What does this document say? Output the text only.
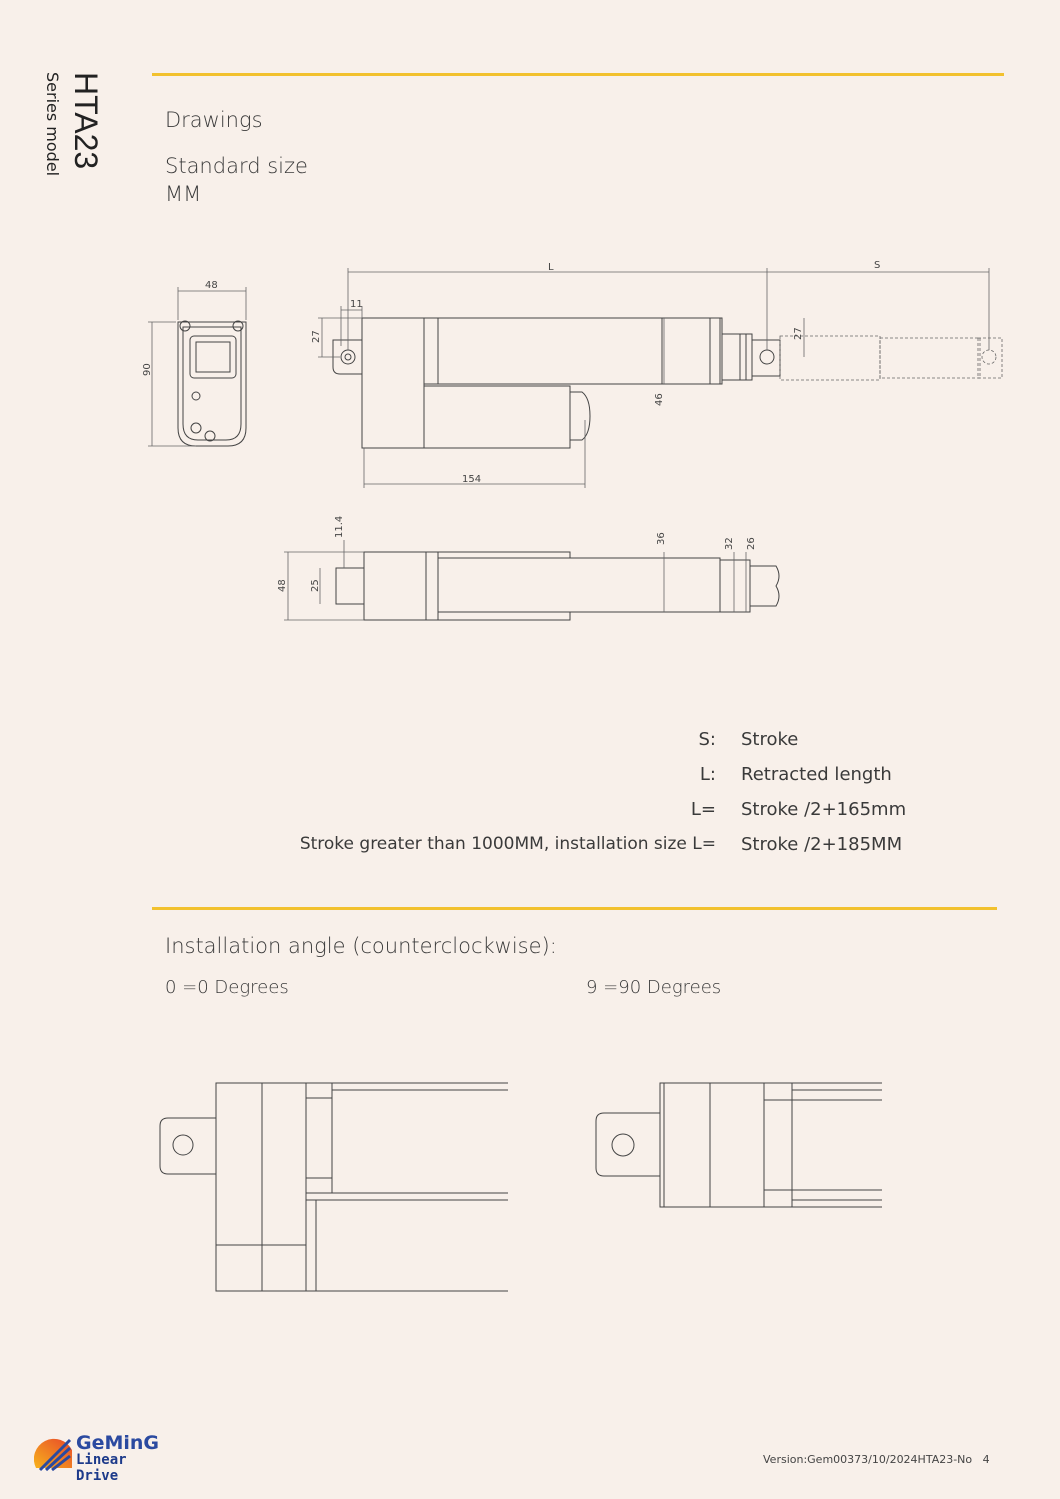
HTA23
Series model	Drawings
Standard size
MM
48
90
L	S
11
27	27
46
154
11.4
48 25
36	32 26
S: Stroke
L: Retracted length
L= Stroke /2+165mm
Stroke greater than 1000MM, installation size L= Stroke /2+185MM
Installation angle (counterclockwise):
0 =0 Degrees	9 =90 Degrees
GeMinG
Linear Drive
Version:Gem00373/10/2024HTA23-No 4
